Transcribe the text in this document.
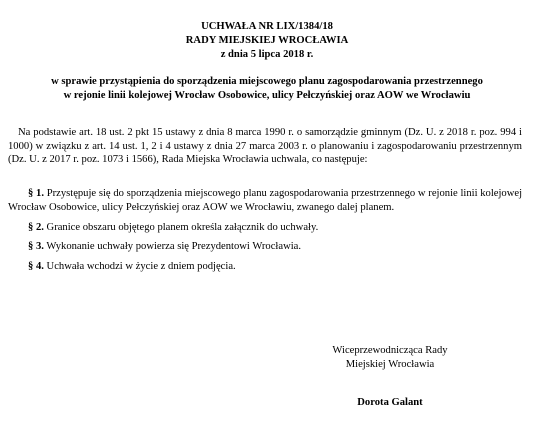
UCHWAŁA NR LIX/1384/18
RADY MIEJSKIEJ WROCŁAWIA
z dnia 5 lipca 2018 r.
w sprawie przystąpienia do sporządzenia miejscowego planu zagospodarowania przestrzennego
w rejonie linii kolejowej Wrocław Osobowice, ulicy Pełczyńskiej oraz AOW we Wrocławiu
Na podstawie art. 18 ust. 2 pkt 15 ustawy z dnia 8 marca 1990 r. o samorządzie gminnym (Dz. U. z 2018 r. poz. 994 i 1000) w związku z art. 14 ust. 1, 2 i 4 ustawy z dnia 27 marca 2003 r. o planowaniu i zagospodarowaniu przestrzennym (Dz. U. z 2017 r. poz. 1073 i 1566), Rada Miejska Wrocławia uchwala, co następuje:
§ 1. Przystępuje się do sporządzenia miejscowego planu zagospodarowania przestrzennego w rejonie linii kolejowej Wrocław Osobowice, ulicy Pełczyńskiej oraz AOW we Wrocławiu, zwanego dalej planem.
§ 2. Granice obszaru objętego planem określa załącznik do uchwały.
§ 3. Wykonanie uchwały powierza się Prezydentowi Wrocławia.
§ 4. Uchwała wchodzi w życie z dniem podjęcia.
Wiceprzewodnicząca Rady
Miejskiej Wrocławia
Dorota Galant
